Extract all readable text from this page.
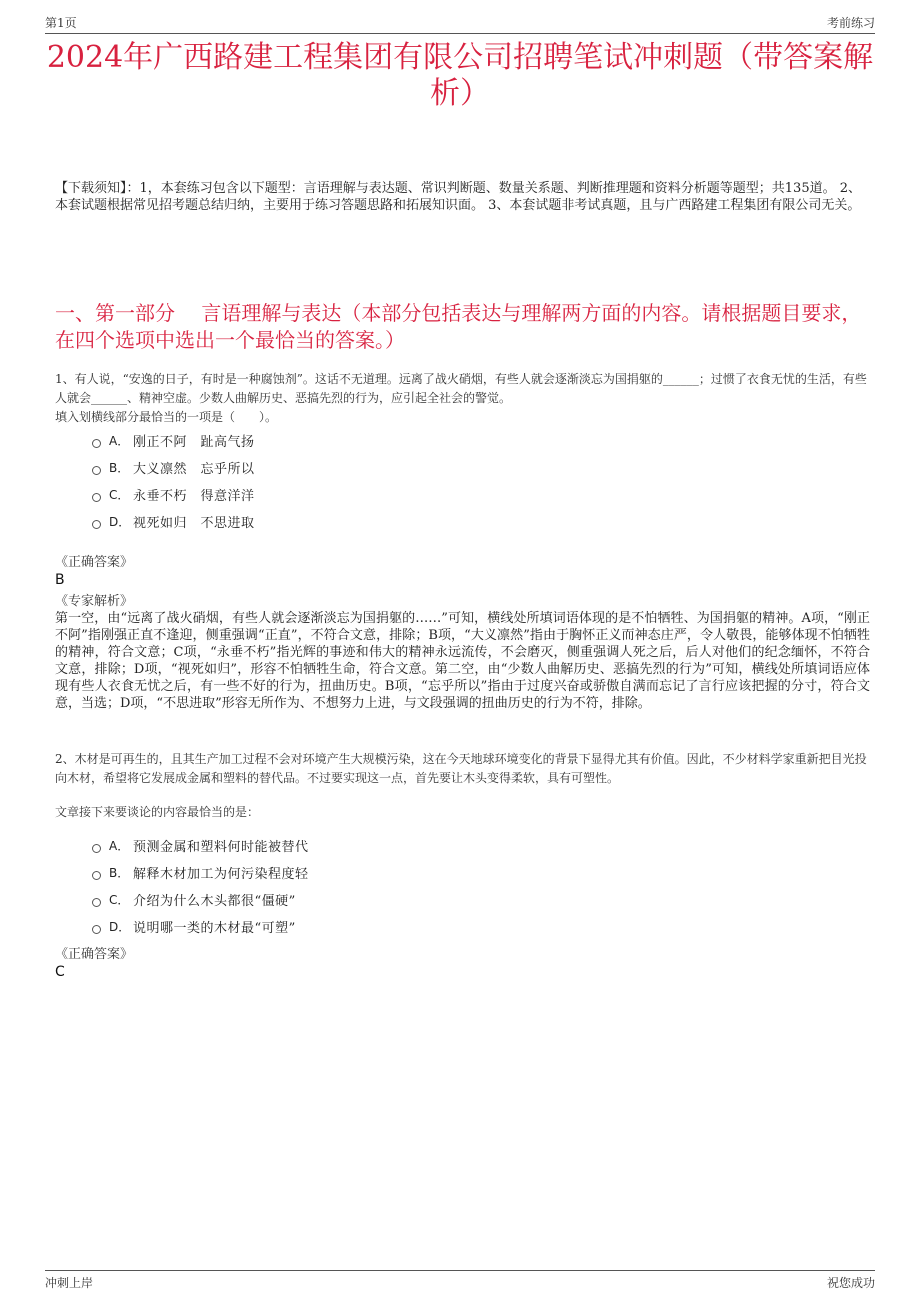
第1页	考前练习
2024年广西路建工程集团有限公司招聘笔试冲刺题（带答案解析）
【下载须知】：1，本套练习包含以下题型：言语理解与表达题、常识判断题、数量关系题、判断推理题和资料分析题等题型；共135道。 2、本套试题根据常见招考题总结归纳，主要用于练习答题思路和拓展知识面。 3、本套试题非考试真题，且与广西路建工程集团有限公司无关。
一、第一部分　 言语理解与表达（本部分包括表达与理解两方面的内容。请根据题目要求，在四个选项中选出一个最恰当的答案。）
1、有人说，“安逸的日子，有时是一种腐蚀剂”。这话不无道理。远离了战火硝烟，有些人就会逐渐淡忘为国捐躯的______；过惯了衣食无忧的生活，有些人就会______、精神空虚。少数人曲解历史、恶搞先烈的行为，应引起全社会的警觉。
填入划横线部分最恰当的一项是（　　）。
A． 刚正不阿　趾高气扬
B． 大义凛然　忘乎所以
C． 永垂不朽　得意洋洋
D． 视死如归　不思进取
《正确答案》
B
《专家解析》
第一空，由“远离了战火硝烟，有些人就会逐渐淡忘为国捐躯的……”可知，横线处所填词语体现的是不怕牺牲、为国捐躯的精神。A项，“刚正不阿”指刚强正直不逢迎，侧重强调“正直”，不符合文意，排除；B项，“大义凛然”指由于胸怀正义而神态庄严，令人敬畏，能够体现不怕牺牲的精神，符合文意；C项，“永垂不朽”指光辉的事迹和伟大的精神永远流传，不会磨灭，侧重强调人死之后，后人对他们的纪念缅怀，不符合文意，排除；D项，“视死如归”，形容不怕牺牲生命，符合文意。第二空，由“少数人曲解历史、恶搞先烈的行为”可知，横线处所填词语应体现有些人衣食无忧之后，有一些不好的行为，扭曲历史。B项，“忘乎所以”指由于过度兴奋或骄傲自满而忘记了言行应该把握的分寸，符合文意，当选；D项，“不思进取”形容无所作为、不想努力上进，与文段强调的扭曲历史的行为不符，排除。
2、木材是可再生的，且其生产加工过程不会对环境产生大规模污染，这在今天地球环境变化的背景下显得尤其有价值。因此，不少材料学家重新把目光投向木材，希望将它发展成金属和塑料的替代品。不过要实现这一点，首先要让木头变得柔软，具有可塑性。
文章接下来要谈论的内容最恰当的是：
A． 预测金属和塑料何时能被替代
B． 解释木材加工为何污染程度轻
C． 介绍为什么木头都很“僵硬”
D． 说明哪一类的木材最“可塑”
《正确答案》
C
冲刺上岸	祝您成功
